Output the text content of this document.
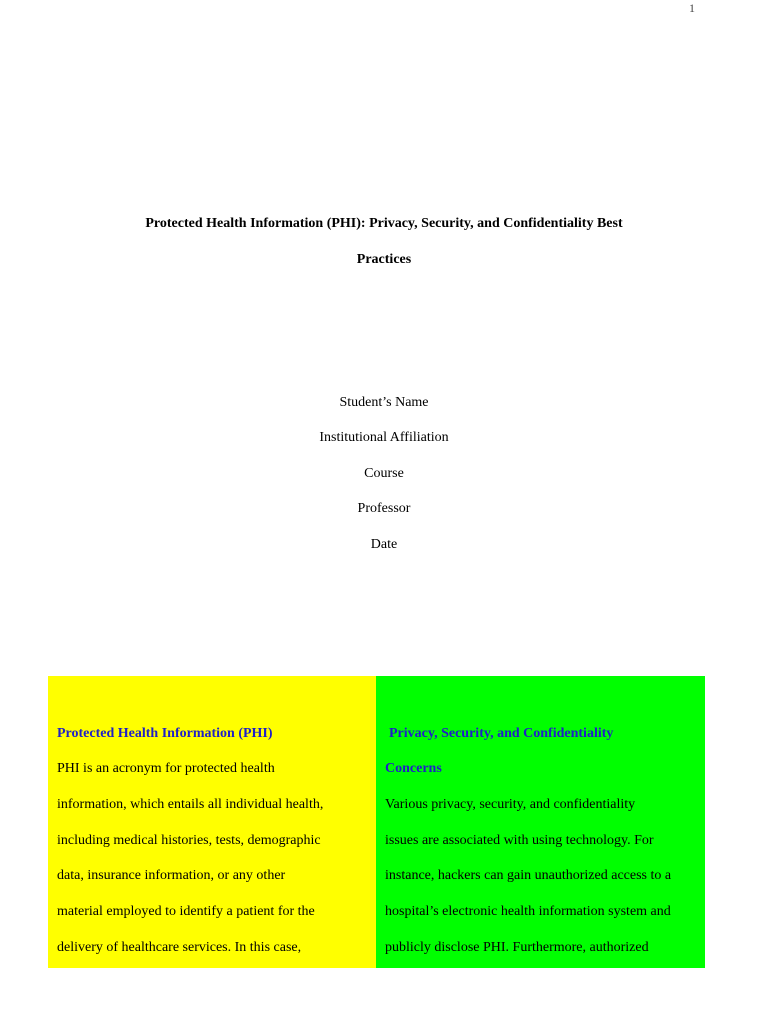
1
Protected Health Information (PHI): Privacy, Security, and Confidentiality Best
Practices
Student’s Name
Institutional Affiliation
Course
Professor
Date
Protected Health Information (PHI)
PHI is an acronym for protected health
information, which entails all individual health,
including medical histories, tests, demographic
data, insurance information, or any other
material employed to identify a patient for the
delivery of healthcare services. In this case,
Privacy, Security, and Confidentiality
Concerns
Various privacy, security, and confidentiality
issues are associated with using technology. For
instance, hackers can gain unauthorized access to a
hospital’s electronic health information system and
publicly disclose PHI. Furthermore, authorized
